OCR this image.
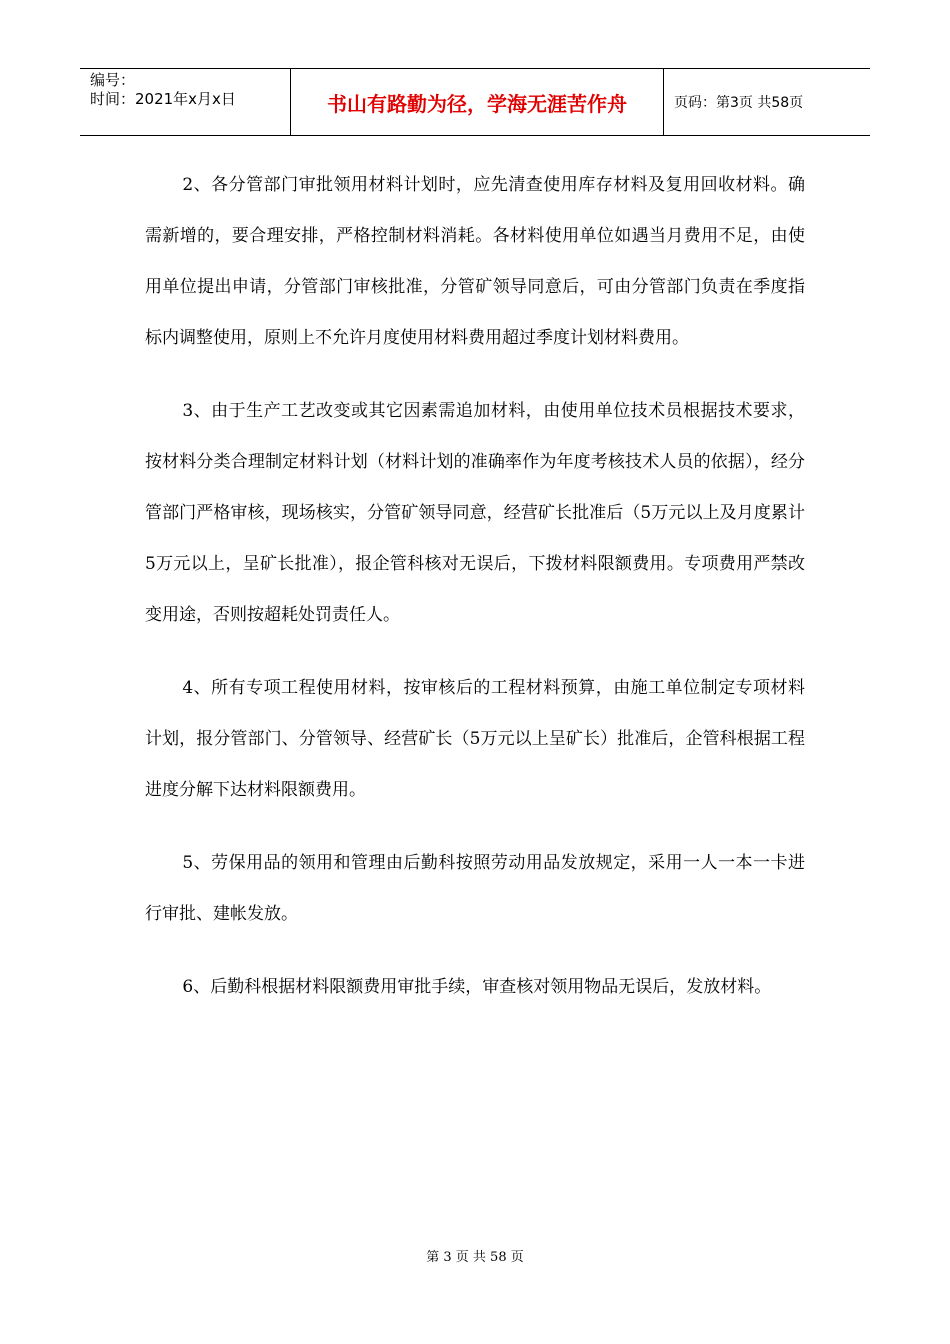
编号：
时间：2021年x月x日	书山有路勤为径，学海无涯苦作舟	页码：第3页 共58页

2、各分管部门审批领用材料计划时，应先清查使用库存材料及复用回收材料。确需新增的，要合理安排，严格控制材料消耗。各材料使用单位如遇当月费用不足，由使用单位提出申请，分管部门审核批准，分管矿领导同意后，可由分管部门负责在季度指标内调整使用，原则上不允许月度使用材料费用超过季度计划材料费用。

3、由于生产工艺改变或其它因素需追加材料，由使用单位技术员根据技术要求，按材料分类合理制定材料计划（材料计划的准确率作为年度考核技术人员的依据），经分管部门严格审核，现场核实，分管矿领导同意，经营矿长批准后（5万元以上及月度累计5万元以上，呈矿长批准），报企管科核对无误后，下拨材料限额费用。专项费用严禁改变用途，否则按超耗处罚责任人。

4、所有专项工程使用材料，按审核后的工程材料预算，由施工单位制定专项材料计划，报分管部门、分管领导、经营矿长（5万元以上呈矿长）批准后，企管科根据工程进度分解下达材料限额费用。

5、劳保用品的领用和管理由后勤科按照劳动用品发放规定，采用一人一本一卡进行审批、建帐发放。

6、后勤科根据材料限额费用审批手续，审查核对领用物品无误后，发放材料。

第 3 页 共 58 页
